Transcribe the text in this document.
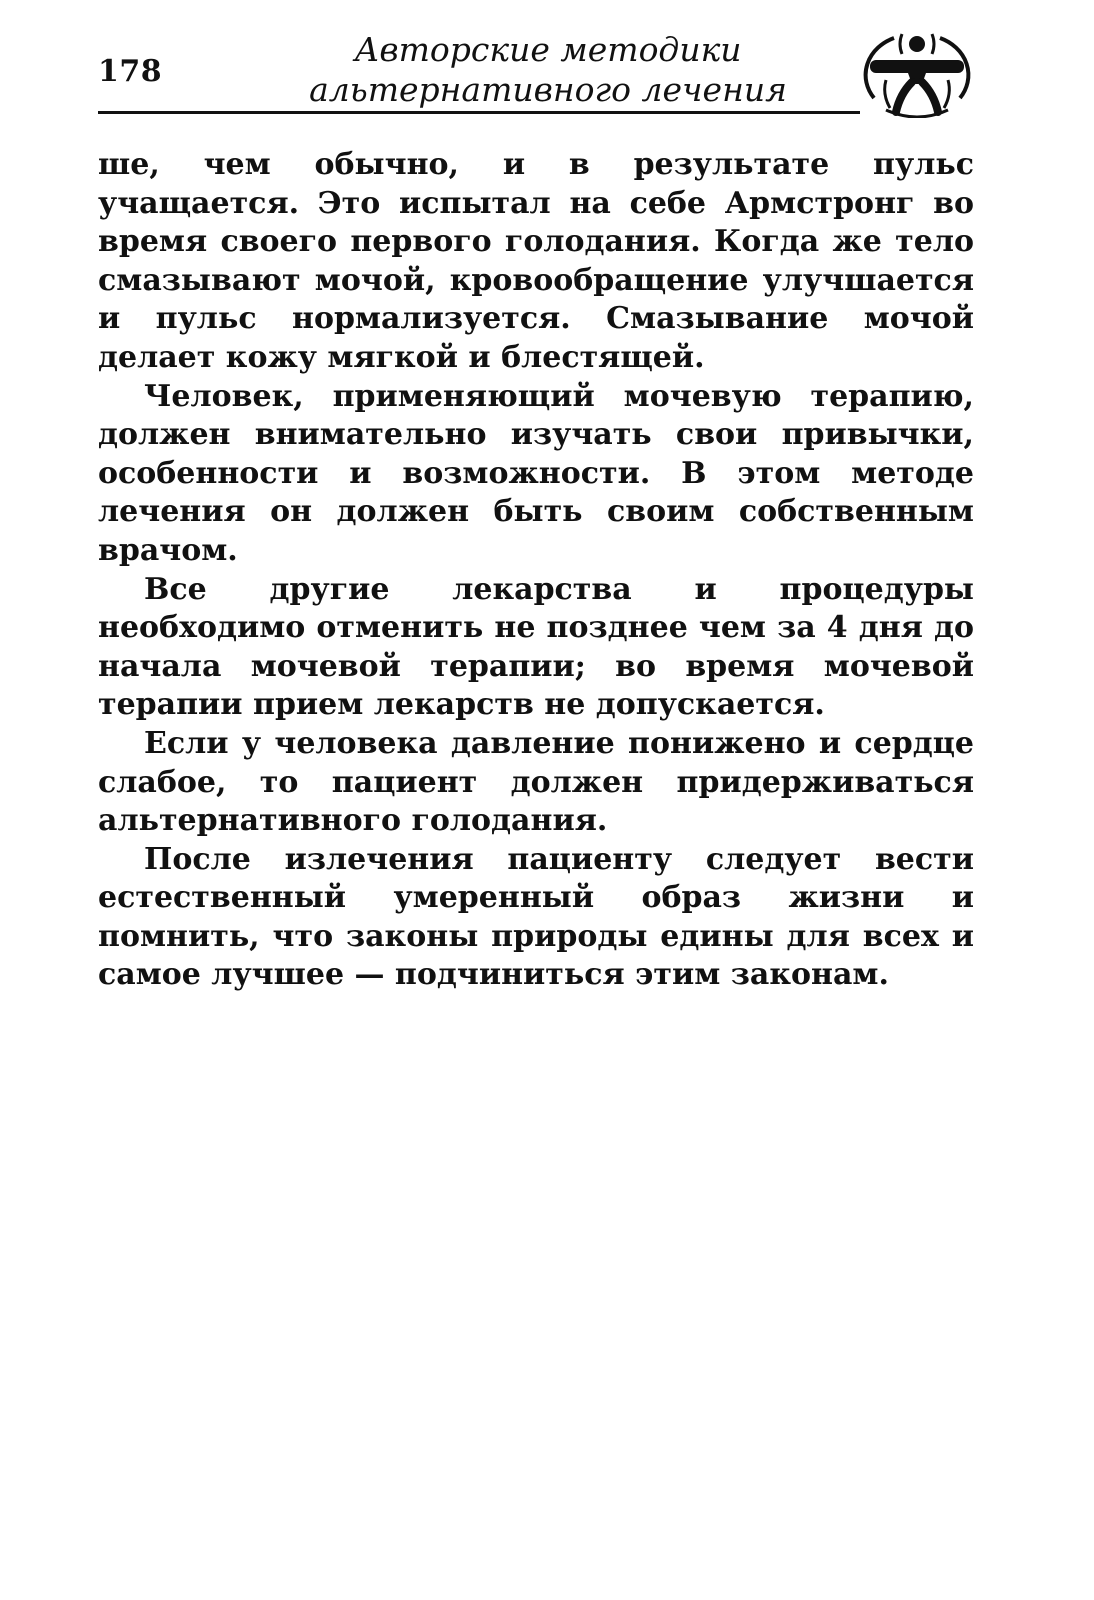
178
Авторские методики
альтернативного лечения

ше, чем обычно, и в результате пульс учащается. Это испытал на себе Армстронг во время своего первого голодания. Когда же тело смазывают мочой, кровообращение улучшается и пульс нормализуется. Смазывание мочой делает кожу мягкой и блестящей.

Человек, применяющий мочевую терапию, должен внимательно изучать свои привычки, особенности и возможности. В этом методе лечения он должен быть своим собственным врачом.

Все другие лекарства и процедуры необходимо отменить не позднее чем за 4 дня до начала мочевой терапии; во время мочевой терапии прием лекарств не допускается.

Если у человека давление понижено и сердце слабое, то пациент должен придерживаться альтернативного голодания.

После излечения пациенту следует вести естественный умеренный образ жизни и помнить, что законы природы едины для всех и самое лучшее — подчиниться этим законам.
